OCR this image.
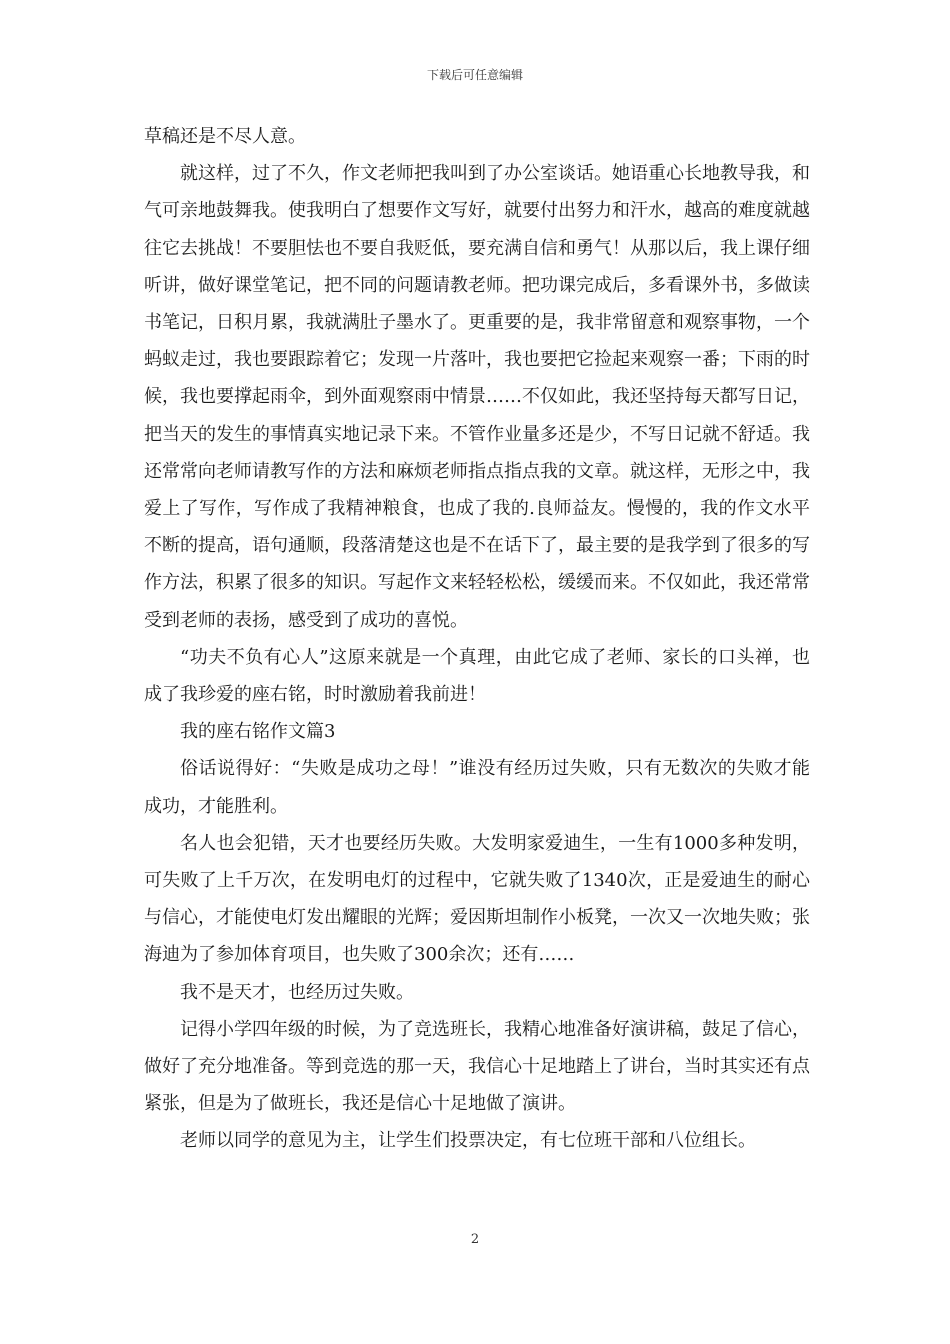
下载后可任意编辑

草稿还是不尽人意。

就这样，过了不久，作文老师把我叫到了办公室谈话。她语重心长地教导我，和气可亲地鼓舞我。使我明白了想要作文写好，就要付出努力和汗水，越高的难度就越往它去挑战！不要胆怯也不要自我贬低，要充满自信和勇气！从那以后，我上课仔细听讲，做好课堂笔记，把不同的问题请教老师。把功课完成后，多看课外书，多做读书笔记，日积月累，我就满肚子墨水了。更重要的是，我非常留意和观察事物，一个蚂蚁走过，我也要跟踪着它；发现一片落叶，我也要把它捡起来观察一番；下雨的时候，我也要撑起雨伞，到外面观察雨中情景……不仅如此，我还坚持每天都写日记，把当天的发生的事情真实地记录下来。不管作业量多还是少，不写日记就不舒适。我还常常向老师请教写作的方法和麻烦老师指点指点我的文章。就这样，无形之中，我爱上了写作，写作成了我精神粮食，也成了我的.良师益友。慢慢的，我的作文水平不断的提高，语句通顺，段落清楚这也是不在话下了，最主要的是我学到了很多的写作方法，积累了很多的知识。写起作文来轻轻松松，缓缓而来。不仅如此，我还常常受到老师的表扬，感受到了成功的喜悦。

“功夫不负有心人”这原来就是一个真理，由此它成了老师、家长的口头禅，也成了我珍爱的座右铭，时时激励着我前进！

我的座右铭作文篇3

俗话说得好：“失败是成功之母！”谁没有经历过失败，只有无数次的失败才能成功，才能胜利。

名人也会犯错，天才也要经历失败。大发明家爱迪生，一生有1000多种发明，可失败了上千万次，在发明电灯的过程中，它就失败了1340次，正是爱迪生的耐心与信心，才能使电灯发出耀眼的光辉；爱因斯坦制作小板凳，一次又一次地失败；张海迪为了参加体育项目，也失败了300余次；还有……

我不是天才，也经历过失败。

记得小学四年级的时候，为了竞选班长，我精心地准备好演讲稿，鼓足了信心，做好了充分地准备。等到竞选的那一天，我信心十足地踏上了讲台，当时其实还有点紧张，但是为了做班长，我还是信心十足地做了演讲。

老师以同学的意见为主，让学生们投票决定，有七位班干部和八位组长。

2
